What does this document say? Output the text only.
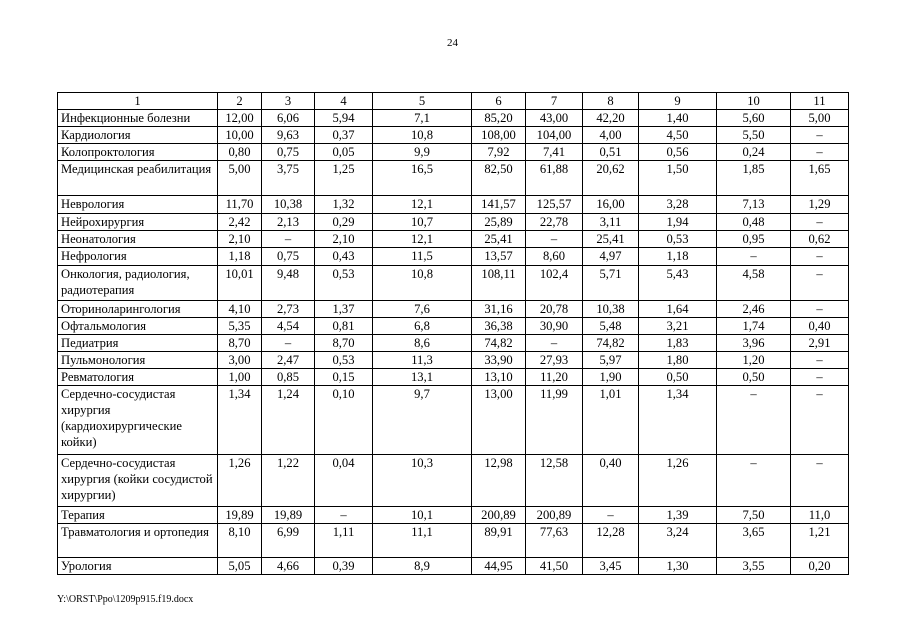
24
1	2	3	4	5	6	7	8	9	10	11
Инфекционные болезни	12,00	6,06	5,94	7,1	85,20	43,00	42,20	1,40	5,60	5,00
Кардиология	10,00	9,63	0,37	10,8	108,00	104,00	4,00	4,50	5,50	–
Колопроктология	0,80	0,75	0,05	9,9	7,92	7,41	0,51	0,56	0,24	–
Медицинская реабилитация	5,00	3,75	1,25	16,5	82,50	61,88	20,62	1,50	1,85	1,65
Неврология	11,70	10,38	1,32	12,1	141,57	125,57	16,00	3,28	7,13	1,29
Нейрохирургия	2,42	2,13	0,29	10,7	25,89	22,78	3,11	1,94	0,48	–
Неонатология	2,10	–	2,10	12,1	25,41	–	25,41	0,53	0,95	0,62
Нефрология	1,18	0,75	0,43	11,5	13,57	8,60	4,97	1,18	–	–
Онкология, радиология, радиотерапия	10,01	9,48	0,53	10,8	108,11	102,4	5,71	5,43	4,58	–
Оториноларингология	4,10	2,73	1,37	7,6	31,16	20,78	10,38	1,64	2,46	–
Офтальмология	5,35	4,54	0,81	6,8	36,38	30,90	5,48	3,21	1,74	0,40
Педиатрия	8,70	–	8,70	8,6	74,82	–	74,82	1,83	3,96	2,91
Пульмонология	3,00	2,47	0,53	11,3	33,90	27,93	5,97	1,80	1,20	–
Ревматология	1,00	0,85	0,15	13,1	13,10	11,20	1,90	0,50	0,50	–
Сердечно-сосудистая хирургия (кардиохирургические койки)	1,34	1,24	0,10	9,7	13,00	11,99	1,01	1,34	–	–
Сердечно-сосудистая хирургия (койки сосудистой хирургии)	1,26	1,22	0,04	10,3	12,98	12,58	0,40	1,26	–	–
Терапия	19,89	19,89	–	10,1	200,89	200,89	–	1,39	7,50	11,0
Травматология и ортопедия	8,10	6,99	1,11	11,1	89,91	77,63	12,28	3,24	3,65	1,21
Урология	5,05	4,66	0,39	8,9	44,95	41,50	3,45	1,30	3,55	0,20
Y:\ORST\Ppo\1209p915.f19.docx
